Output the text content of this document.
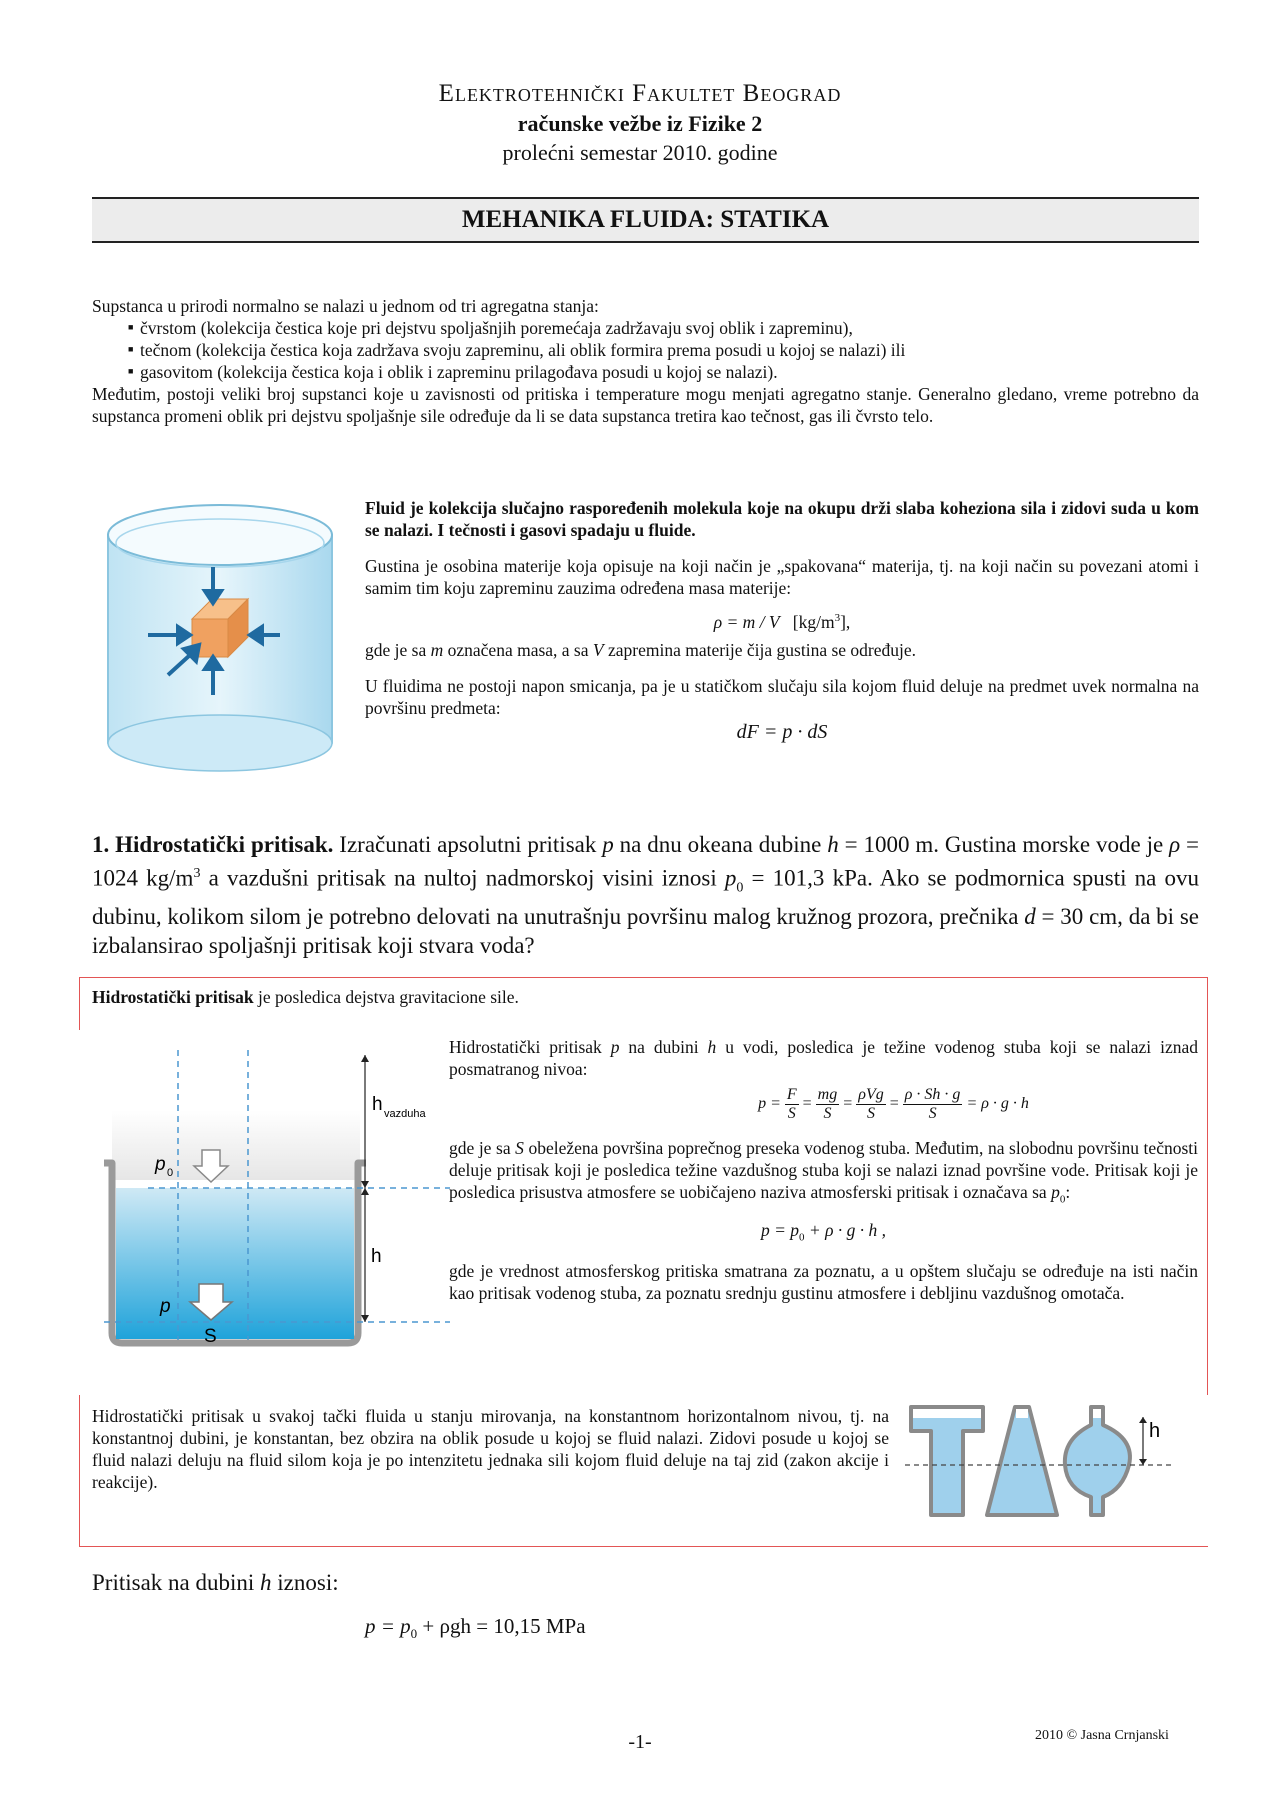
Elektrotehnički Fakultet Beograd
računske vežbe iz Fizike 2
prolećni semestar 2010. godine
MEHANIKA FLUIDA: STATIKA
Supstanca u prirodi normalno se nalazi u jednom od tri agregatna stanja:
■ čvrstom (kolekcija čestica koje pri dejstvu spoljašnjih poremećaja zadržavaju svoj oblik i zapreminu),
■ tečnom (kolekcija čestica koja zadržava svoju zapreminu, ali oblik formira prema posudi u kojoj se nalazi) ili
■ gasovitom (kolekcija čestica koja i oblik i zapreminu prilagođava posudi u kojoj se nalazi).
Međutim, postoji veliki broj supstanci koje u zavisnosti od pritiska i temperature mogu menjati agregatno stanje. Generalno gledano, vreme potrebno da supstanca promeni oblik pri dejstvu spoljašnje sile određuje da li se data supstanca tretira kao tečnost, gas ili čvrsto telo.
Fluid je kolekcija slučajno raspoređenih molekula koje na okupu drži slaba koheziona sila i zidovi suda u kom se nalazi. I tečnosti i gasovi spadaju u fluide.
Gustina je osobina materije koja opisuje na koji način je „spakovana“ materija, tj. na koji način su povezani atomi i samim tim koju zapreminu zauzima određena masa materije:
ρ = m / V $[kg/m^3]$,
gde je sa m označena masa, a sa V zapremina materije čija gustina se određuje.
U fluidima ne postoji napon smicanja, pa je u statičkom slučaju sila kojom fluid deluje na predmet uvek normalna na površinu predmeta:
dF = p · dS
1. Hidrostatički pritisak. Izračunati apsolutni pritisak p na dnu okeana dubine h = 1000 m. Gustina morske vode je ρ = 1024 $kg/m^3$ a vazdušni pritisak na nultoj nadmorskoj visini iznosi $p_0 = 101,3$ kPa. Ako se podmornica spusti na ovu dubinu, kolikom silom je potrebno delovati na unutrašnju površinu malog kružnog prozora, prečnika d = 30 cm, da bi se izbalansirao spoljašnji pritisak koji stvara voda?
Hidrostatički pritisak je posledica dejstva gravitacione sile.
h vazduha
p 0
h
p
S
Hidrostatički pritisak p na dubini h u vodi, posledica je težine vodenog stuba koji se nalazi iznad posmatranog nivoa:
$p = \frac{F}{S} = \frac{mg}{S} = \frac{\text{ρVg}}{S} = \frac{\rho \cdot Sh \cdot g}{S} = \rho \cdot g \cdot h$
gde je sa S obeležena površina poprečnog preseka vodenog stuba. Međutim, na slobodnu površinu tečnosti deluje pritisak koji je posledica težine vazdušnog stuba koji se nalazi iznad površine vode. Pritisak koji je posledica prisustva atmosfere se uobičajeno naziva atmosferski pritisak i označava sa $p_0$:
$p = p_0 + \rho \cdot g \cdot h$ ,
gde je vrednost atmosferskog pritiska smatrana za poznatu, a u opštem slučaju se određuje na isti način kao pritisak vodenog stuba, za poznatu srednju gustinu atmosfere i debljinu vazdušnog omotača.
Hidrostatički pritisak u svakoj tački fluida u stanju mirovanja, na konstantnom horizontalnom nivou, tj. na konstantnoj dubini, je konstantan, bez obzira na oblik posude u kojoj se fluid nalazi. Zidovi posude u kojoj se fluid nalazi deluju na fluid silom koja je po intenzitetu jednaka sili kojom fluid deluje na taj zid (zakon akcije i reakcije).
h
Pritisak na dubini h iznosi:
$p = p_0 + \rho gh = 10,15$ MPa
-1-	2010 © Jasna Crnjanski
